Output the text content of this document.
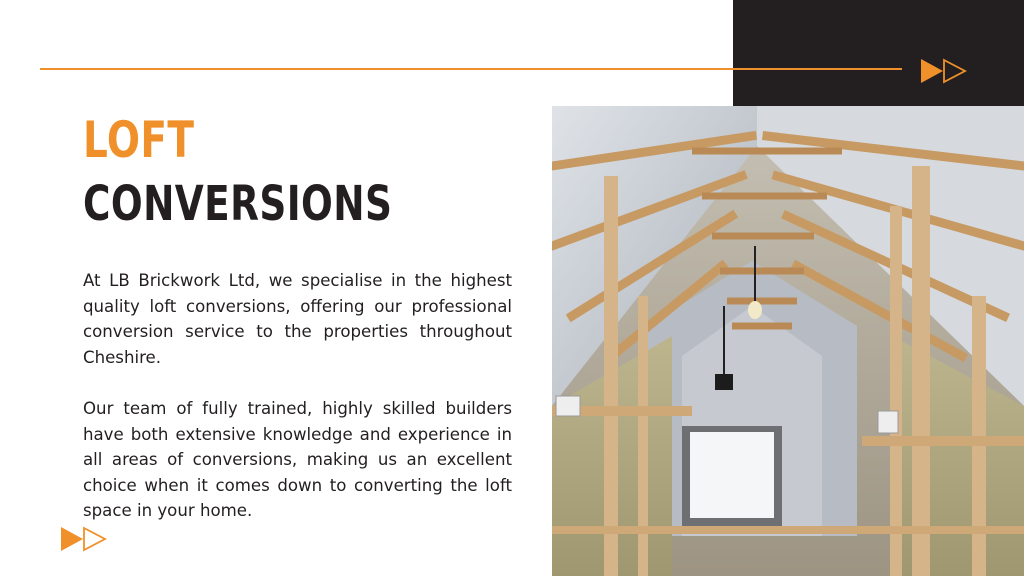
LOFT
CONVERSIONS

At LB Brickwork Ltd, we specialise in the highest quality loft conversions, offering our professional conversion service to the properties throughout Cheshire.

Our team of fully trained, highly skilled builders have both extensive knowledge and experience in all areas of conversions, making us an excellent choice when it comes down to converting the loft space in your home.
